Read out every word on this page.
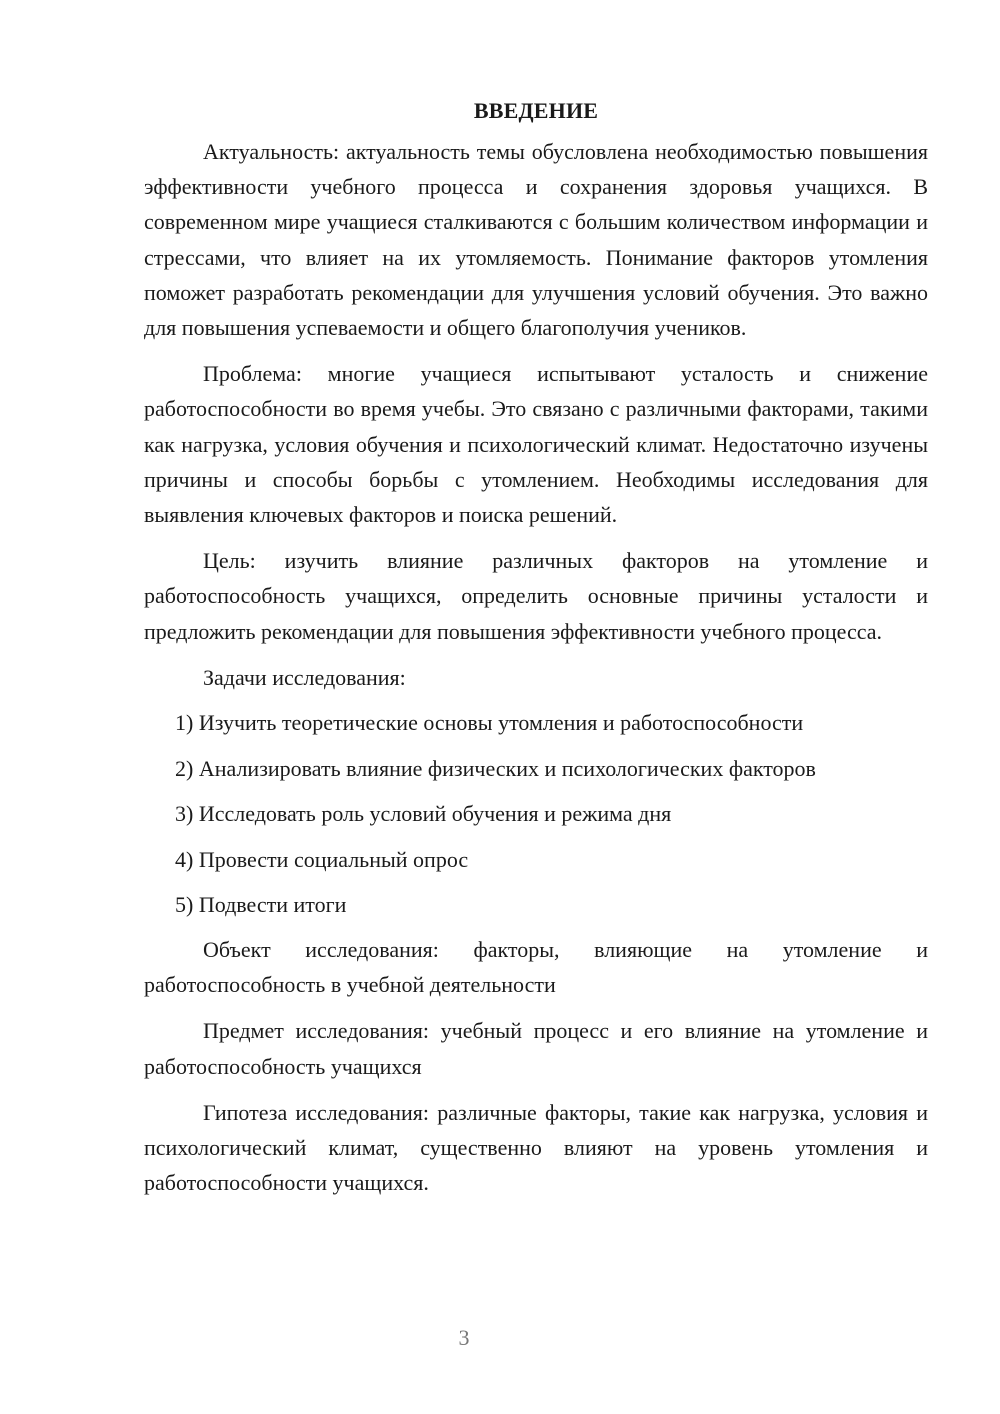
ВВЕДЕНИЕ

Актуальность: актуальность темы обусловлена необходимостью повышения эффективности учебного процесса и сохранения здоровья учащихся. В современном мире учащиеся сталкиваются с большим количеством информации и стрессами, что влияет на их утомляемость. Понимание факторов утомления поможет разработать рекомендации для улучшения условий обучения. Это важно для повышения успеваемости и общего благополучия учеников.

Проблема: многие учащиеся испытывают усталость и снижение работоспособности во время учебы. Это связано с различными факторами, такими как нагрузка, условия обучения и психологический климат. Недостаточно изучены причины и способы борьбы с утомлением. Необходимы исследования для выявления ключевых факторов и поиска решений.

Цель: изучить влияние различных факторов на утомление и работоспособность учащихся, определить основные причины усталости и предложить рекомендации для повышения эффективности учебного процесса.

Задачи исследования:

1) Изучить теоретические основы утомления и работоспособности
2) Анализировать влияние физических и психологических факторов
3) Исследовать роль условий обучения и режима дня
4) Провести социальный опрос
5) Подвести итоги

Объект исследования: факторы, влияющие на утомление и работоспособность в учебной деятельности

Предмет исследования: учебный процесс и его влияние на утомление и работоспособность учащихся

Гипотеза исследования: различные факторы, такие как нагрузка, условия и психологический климат, существенно влияют на уровень утомления и работоспособности учащихся.

3
